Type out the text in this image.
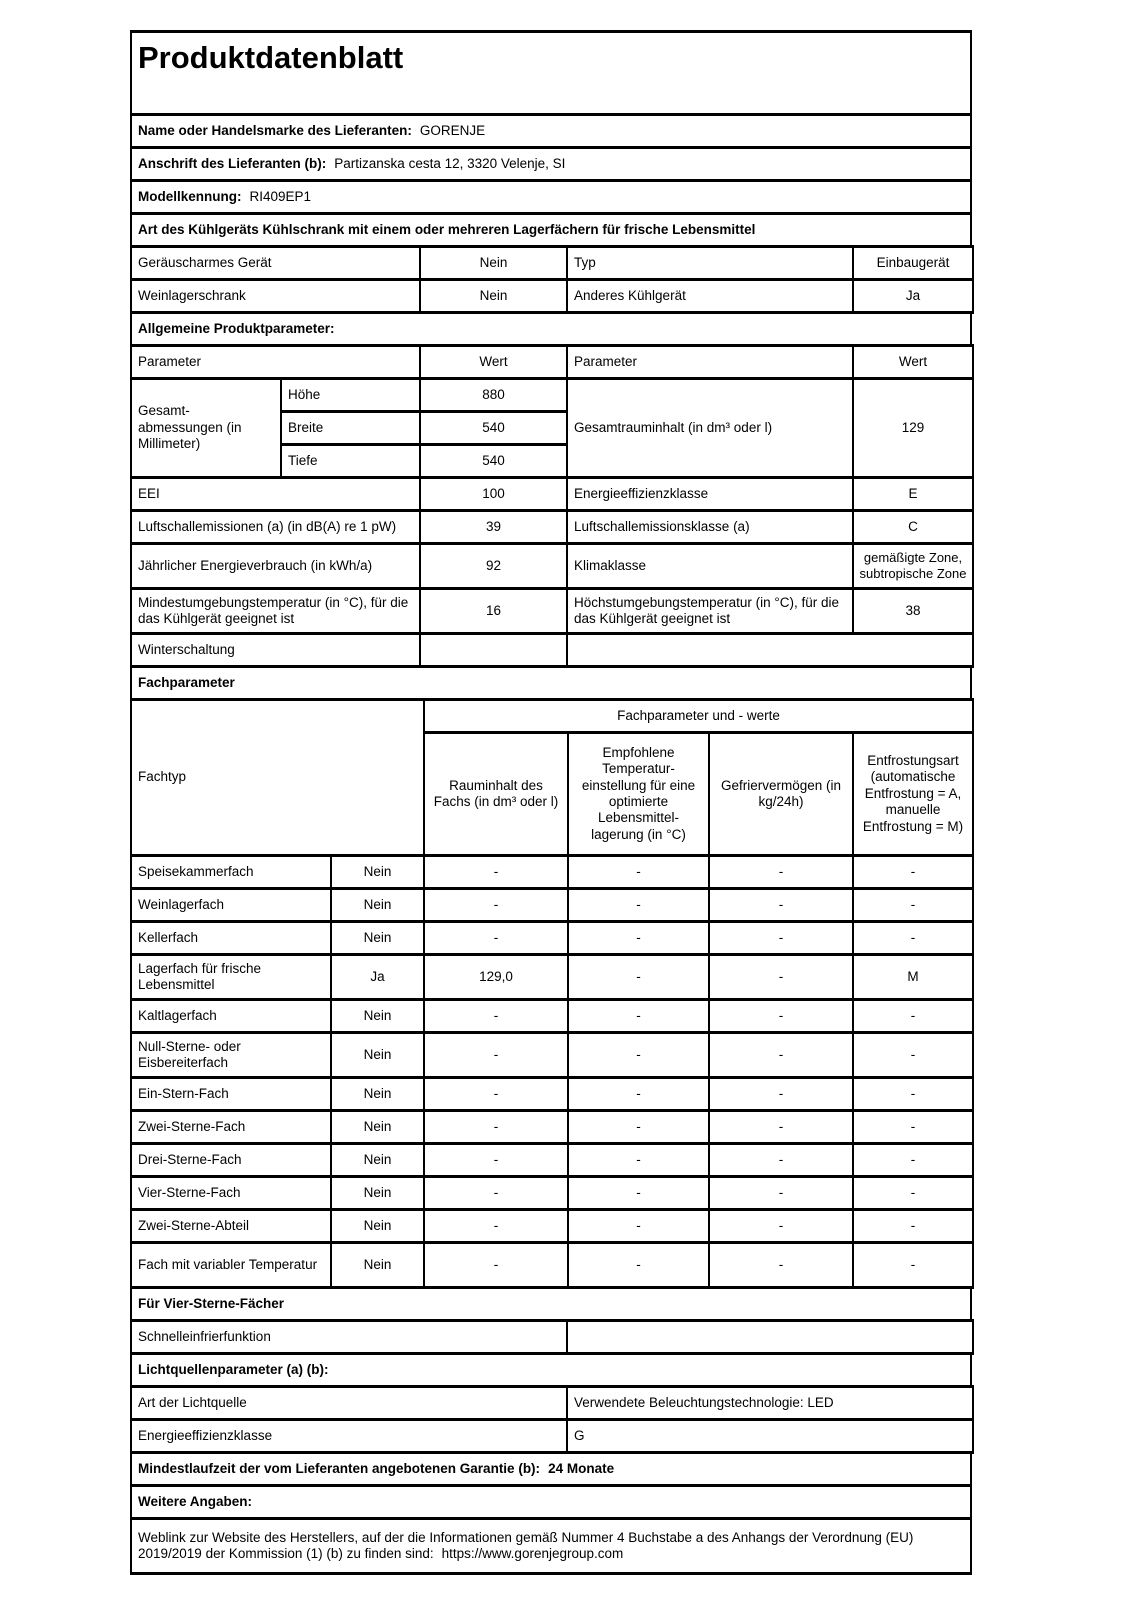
Produktdatenblatt
Name oder Handelsmarke des Lieferanten: GORENJE
Anschrift des Lieferanten (b): Partizanska cesta 12, 3320 Velenje, SI
Modellkennung: RI409EP1
Art des Kühlgeräts Kühlschrank mit einem oder mehreren Lagerfächern für frische Lebensmittel
Geräuscharmes Gerät	Nein	Typ	Einbaugerät
Weinlagerschrank	Nein	Anderes Kühlgerät	Ja
Allgemeine Produktparameter:
Parameter		Wert	Parameter	Wert
Gesamt-abmessungen (in Millimeter)	Höhe	880	Gesamtrauminhalt (in dm³ oder l)	129
	Breite	540		
	Tiefe	540		
EEI		100	Energieeffizienzklasse	E
Luftschallemissionen (a) (in dB(A) re 1 pW)		39	Luftschallemissionsklasse (a)	C
Jährlicher Energieverbrauch (in kWh/a)		92	Klimaklasse	gemäßigte Zone, subtropische Zone
Mindestumgebungstemperatur (in °C), für die das Kühlgerät geeignet ist		16	Höchstumgebungstemperatur (in °C), für die das Kühlgerät geeignet ist	38
Winterschaltung				
Fachparameter
Fachtyp		Fachparameter und - werte			
		Rauminhalt des Fachs (in dm³ oder l)	Empfohlene Temperatur-einstellung für eine optimierte Lebensmittel-lagerung (in °C)	Gefriervermögen (in kg/24h)	Entfrostungsart (automatische Entfrostung = A, manuelle Entfrostung = M)
Speisekammerfach	Nein	-	-	-	-
Weinlagerfach	Nein	-	-	-	-
Kellerfach	Nein	-	-	-	-
Lagerfach für frische Lebensmittel	Ja	129,0	-	-	M
Kaltlagerfach	Nein	-	-	-	-
Null-Sterne- oder Eisbereiterfach	Nein	-	-	-	-
Ein-Stern-Fach	Nein	-	-	-	-
Zwei-Sterne-Fach	Nein	-	-	-	-
Drei-Sterne-Fach	Nein	-	-	-	-
Vier-Sterne-Fach	Nein	-	-	-	-
Zwei-Sterne-Abteil	Nein	-	-	-	-
Fach mit variabler Temperatur	Nein	-	-	-	-
Für Vier-Sterne-Fächer
Schnelleinfrierfunktion	
Lichtquellenparameter (a) (b):
Art der Lichtquelle	Verwendete Beleuchtungstechnologie: LED
Energieeffizienzklasse	G
Mindestlaufzeit der vom Lieferanten angebotenen Garantie (b): 24 Monate
Weitere Angaben:
Weblink zur Website des Herstellers, auf der die Informationen gemäß Nummer 4 Buchstabe a des Anhangs der Verordnung (EU) 2019/2019 der Kommission (1) (b) zu finden sind: https://www.gorenjegroup.com
